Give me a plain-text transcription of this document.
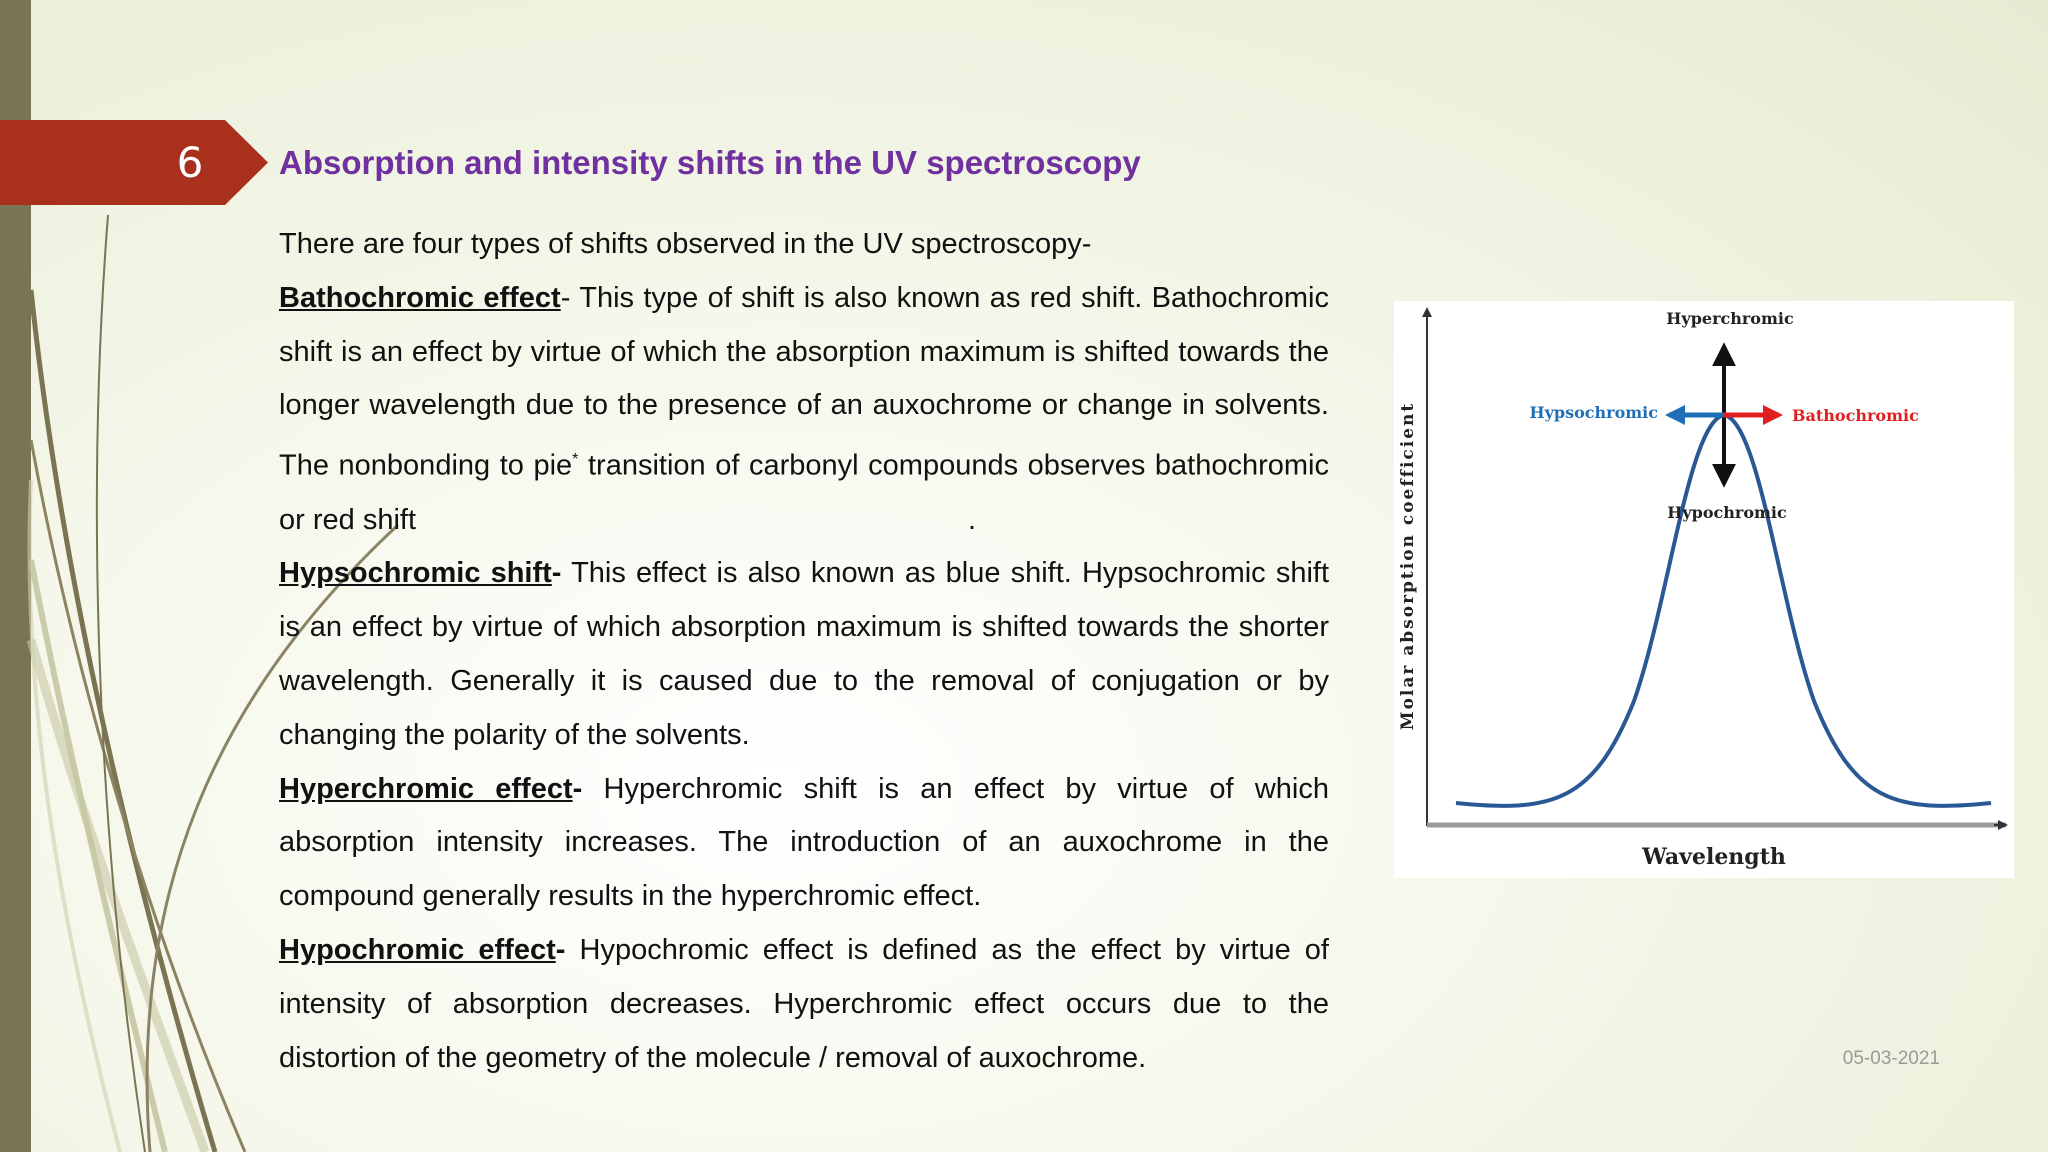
6	Absorption and intensity shifts in the UV spectroscopy

There are four types of shifts observed in the UV spectroscopy-

Bathochromic effect- This type of shift is also known as red shift. Bathochromic shift is an effect by virtue of which the absorption maximum is shifted towards the longer wavelength due to the presence of an auxochrome or change in solvents. The nonbonding to pie* transition of carbonyl compounds observes bathochromic or red shift	.

Hypsochromic shift- This effect is also known as blue shift. Hypsochromic shift is an effect by virtue of which absorption maximum is shifted towards the shorter wavelength. Generally it is caused due to the removal of conjugation or by changing the polarity of the solvents.

Hyperchromic effect- Hyperchromic shift is an effect by virtue of which absorption intensity increases. The introduction of an auxochrome in the compound generally results in the hyperchromic effect.

Hypochromic effect- Hypochromic effect is defined as the effect by virtue of intensity of absorption decreases. Hyperchromic effect occurs due to the distortion of the geometry of the molecule / removal of auxochrome.

Hyperchromic
Hypsochromic	Bathochromic
Hypochromic
Molar absorption coefficient
Wavelength
05-03-2021
